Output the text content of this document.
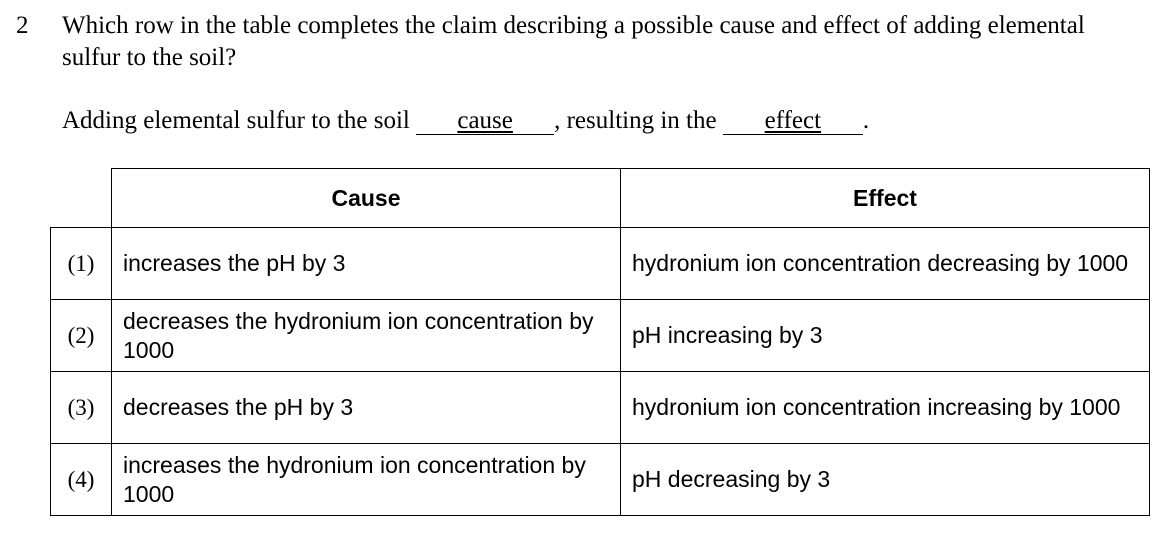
2 Which row in the table completes the claim describing a possible cause and effect of adding elemental sulfur to the soil?
Adding elemental sulfur to the soil cause , resulting in the effect .
	Cause	Effect
(1)	increases the pH by 3	hydronium ion concentration decreasing by 1000
(2)	decreases the hydronium ion concentration by 1000	pH increasing by 3
(3)	decreases the pH by 3	hydronium ion concentration increasing by 1000
(4)	increases the hydronium ion concentration by 1000	pH decreasing by 3
